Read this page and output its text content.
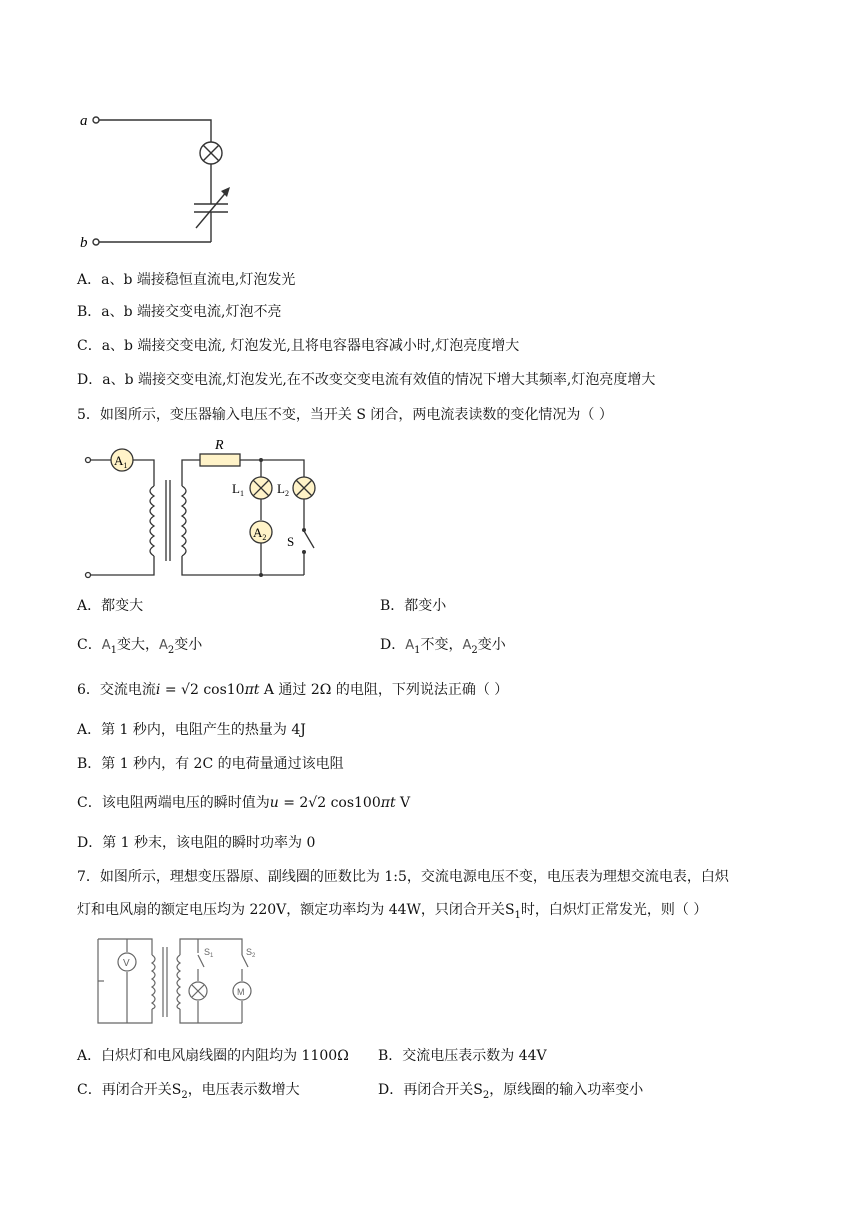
a
b
A．a、b 端接稳恒直流电,灯泡发光
B．a、b 端接交变电流,灯泡不亮
C．a、b 端接交变电流, 灯泡发光,且将电容器电容减小时,灯泡亮度增大
D．a、b 端接交变电流,灯泡发光,在不改变交变电流有效值的情况下增大其频率,灯泡亮度增大
5．如图所示，变压器输入电压不变，当开关 S 闭合，两电流表读数的变化情况为（ ）
$A_1$
$A_2$
R
$L_1$	$L_2$
S
A．都变大	B．都变小
C．$A_1$变大，$A_2$变小	D．$A_1$不变，$A_2$变小
6．交流电流i = √2 cos10πt A 通过 2Ω 的电阻，下列说法正确（ ）
A．第 1 秒内，电阻产生的热量为 4J
B．第 1 秒内，有 2C 的电荷量通过该电阻
C．该电阻两端电压的瞬时值为u = 2√2 cos100πt V
D．第 1 秒末，该电阻的瞬时功率为 0
7．如图所示，理想变压器原、副线圈的匝数比为 1:5，交流电源电压不变，电压表为理想交流电表，白炽
灯和电风扇的额定电压均为 220V，额定功率均为 44W，只闭合开关$S_1$时，白炽灯正常发光，则（ ）
V
M
$S_1$	$S_2$
A．白炽灯和电风扇线圈的内阻均为 1100Ω B．交流电压表示数为 44V
C．再闭合开关$S_2$，电压表示数增大	D．再闭合开关$S_2$，原线圈的输入功率变小
